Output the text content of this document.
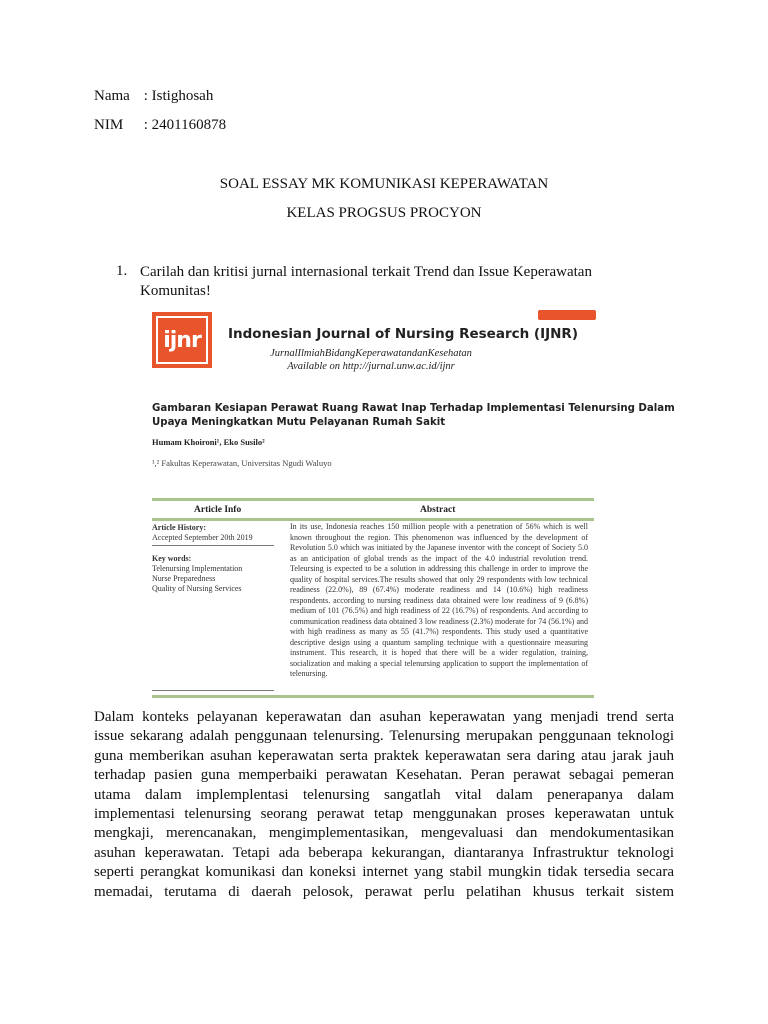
Nama : Istighosah
NIM : 2401160878
SOAL ESSAY MK KOMUNIKASI KEPERAWATAN
KELAS PROGSUS PROCYON
1. Carilah dan kritisi jurnal internasional terkait Trend dan Issue Keperawatan
Komunitas!
ijnr	Indonesian Journal of Nursing Research (IJNR)
JurnalIlmiahBidangKeperawatandanKesehatan
Available on http://jurnal.unw.ac.id/ijnr
Gambaran Kesiapan Perawat Ruang Rawat Inap Terhadap Implementasi Telenursing Dalam
Upaya Meningkatkan Mutu Pelayanan Rumah Sakit
Humam Khoironi¹, Eko Susilo²
¹,² Fakultas Keperawatan, Universitas Ngudi Waluyo
Article Info	Abstract
Article History:
Accepted September 20th 2019
Key words:
Telenursing Implementation
Nurse Preparedness
Quality of Nursing Services
In its use, Indonesia reaches 150 million people with a penetration of 56% which is well known throughout the region. This phenomenon was influenced by the development of Revolution 5.0 which was initiated by the Japanese inventor with the concept of Society 5.0 as an anticipation of global trends as the impact of the 4.0 industrial revolution trend. Teleursing is expected to be a solution in addressing this challenge in order to improve the quality of hospital services.The results showed that only 29 respondents with low technical readiness (22.0%), 89 (67.4%) moderate readiness and 14 (10.6%) high readiness respondents. according to nursing readiness data obtained were low readiness of 9 (6.8%) medium of 101 (76.5%) and high readiness of 22 (16.7%) of respondents. And according to communication readiness data obtained 3 low readiness (2.3%) moderate for 74 (56.1%) and with high readiness as many as 55 (41.7%) respondents. This study used a quantitative descriptive design using a quantum sampling technique with a questionnaire measuring instrument. This research, it is hoped that there will be a wider regulation, training, socialization and making a special telenursing application to support the implementation of telenursing.
Dalam konteks pelayanan keperawatan dan asuhan keperawatan yang menjadi trend serta
issue sekarang adalah penggunaan telenursing. Telenursing merupakan penggunaan teknologi
guna memberikan asuhan keperawatan serta praktek keperawatan sera daring atau jarak jauh
terhadap pasien guna memperbaiki perawatan Kesehatan. Peran perawat sebagai pemeran
utama dalam implemplentasi telenursing sangatlah vital dalam penerapanya dalam
implementasi telenursing seorang perawat tetap menggunakan proses keperawatan untuk
mengkaji, merencanakan, mengimplementasikan, mengevaluasi dan mendokumentasikan
asuhan keperawatan. Tetapi ada beberapa kekurangan, diantaranya Infrastruktur teknologi
seperti perangkat komunikasi dan koneksi internet yang stabil mungkin tidak tersedia secara
memadai, terutama di daerah pelosok, perawat perlu pelatihan khusus terkait sistem
